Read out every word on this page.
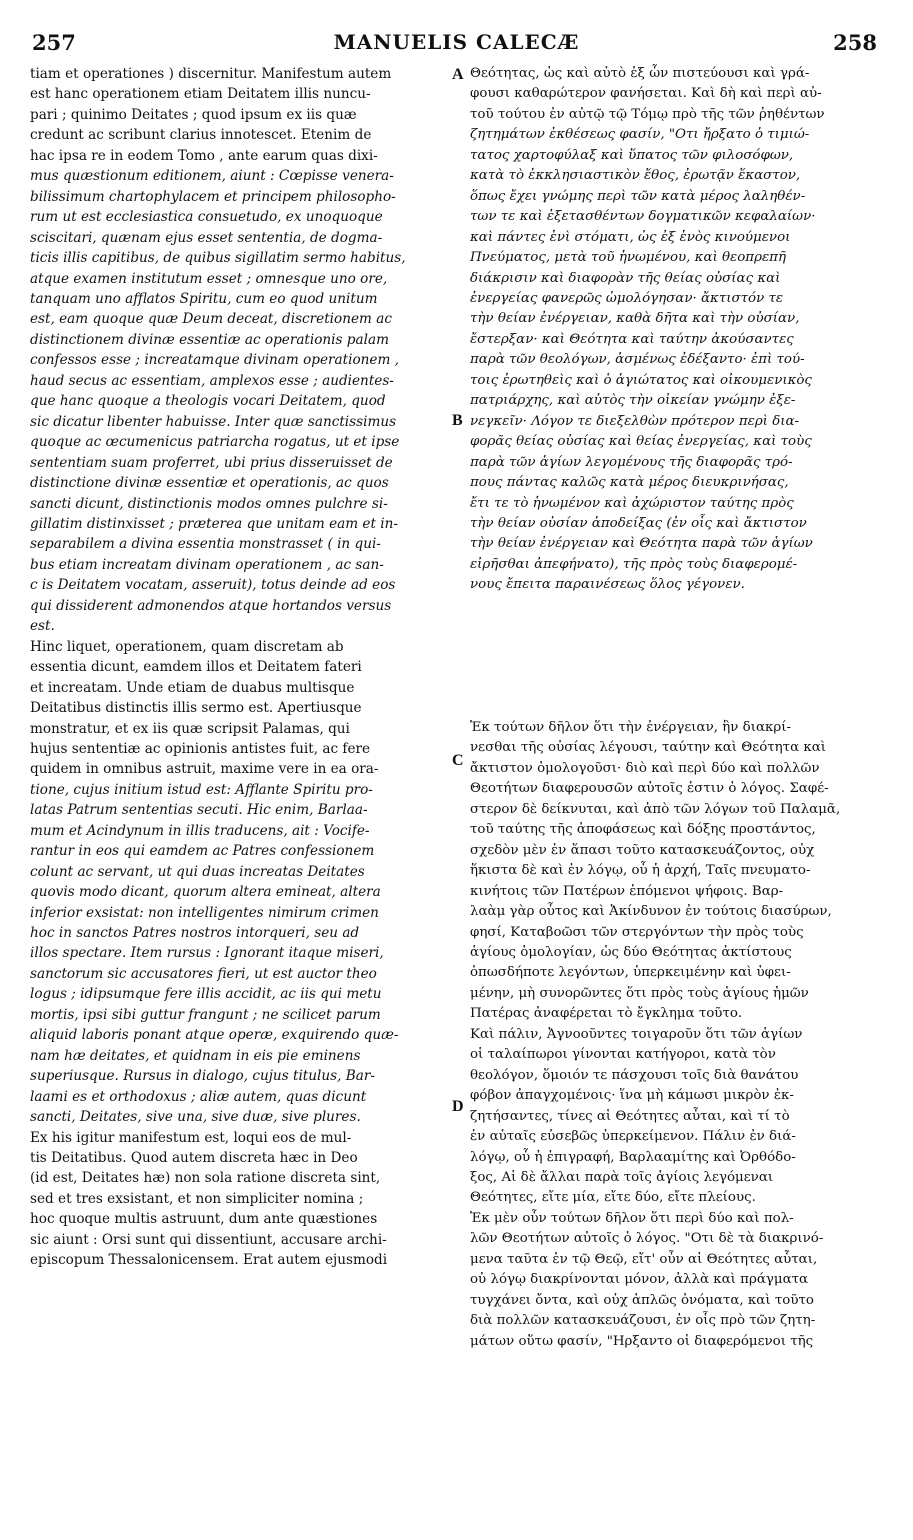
257	MANUELIS CALECÆ	258
A
B
C
D
tiam et operationes ) discernitur. Manifestum autem
est hanc operationem etiam Deitatem illis nuncu-
pari ; quinimo Deitates ; quod ipsum ex iis quæ
credunt ac scribunt clarius innotescet. Etenim de
hac ipsa re in eodem Tomo , ante earum quas dixi-
mus quæstionum editionem, aiunt : Cœpisse venera-
bilissimum chartophylacem et principem philosopho-
rum ut est ecclesiastica consuetudo, ex unoquoque
sciscitari, quænam ejus esset sententia, de dogma-
ticis illis capitibus, de quibus sigillatim sermo habitus,
atque examen institutum esset ; omnesque uno ore,
tanquam uno afflatos Spiritu, cum eo quod unitum
est, eam quoque quæ Deum deceat, discretionem ac
distinctionem divinæ essentiæ ac operationis palam
confessos esse ; increatamque divinam operationem ,
haud secus ac essentiam, amplexos esse ; audientes-
que hanc quoque a theologis vocari Deitatem, quod
sic dicatur libenter habuisse. Inter quæ sanctissimus
quoque ac œcumenicus patriarcha rogatus, ut et ipse
sententiam suam proferret, ubi prius disseruisset de
distinctione divinæ essentiæ et operationis, ac quos
sancti dicunt, distinctionis modos omnes pulchre si-
gillatim distinxisset ; præterea que unitam eam et in-
separabilem a divina essentia monstrasset ( in qui-
bus etiam increatam divinam operationem , ac san-
c is Deitatem vocatam, asseruit), totus deinde ad eos
qui dissiderent admonendos atque hortandos versus
est.
Hinc liquet, operationem, quam discretam ab
essentia dicunt, eamdem illos et Deitatem fateri
et increatam. Unde etiam de duabus multisque
Deitatibus distinctis illis sermo est. Apertiusque
monstratur, et ex iis quæ scripsit Palamas, qui
hujus sententiæ ac opinionis antistes fuit, ac fere
quidem in omnibus astruit, maxime vere in ea ora-
tione, cujus initium istud est: Afflante Spiritu pro-
latas Patrum sententias secuti. Hic enim, Barlaa-
mum et Acindynum in illis traducens, ait : Vocife-
rantur in eos qui eamdem ac Patres confessionem
colunt ac servant, ut qui duas increatas Deitates
quovis modo dicant, quorum altera emineat, altera
inferior exsistat: non intelligentes nimirum crimen
hoc in sanctos Patres nostros intorqueri, seu ad
illos spectare. Item rursus : Ignorant itaque miseri,
sanctorum sic accusatores fieri, ut est auctor theo
logus ; idipsumque fere illis accidit, ac iis qui metu
mortis, ipsi sibi guttur frangunt ; ne scilicet parum
aliquid laboris ponant atque operæ, exquirendo quæ-
nam hæ deitates, et quidnam in eis pie eminens
superiusque. Rursus in dialogo, cujus titulus, Bar-
laami es et orthodoxus ; aliæ autem, quas dicunt
sancti, Deitates, sive una, sive duæ, sive plures.
Ex his igitur manifestum est, loqui eos de mul-
tis Deitatibus. Quod autem discreta hæc in Deo
(id est, Deitates hæ) non sola ratione discreta sint,
sed et tres exsistant, et non simpliciter nomina ;
hoc quoque multis astruunt, dum ante quæstiones
sic aiunt : Orsi sunt qui dissentiunt, accusare archi-
episcopum Thessalonicensem. Erat autem ejusmodi
Θεότητας, ὡς καὶ αὐτὸ ἐξ ὧν πιστεύουσι καὶ γρά-
φουσι καθαρώτερον φανήσεται. Καὶ δὴ καὶ περὶ αὐ-
τοῦ τούτου ἐν αὐτῷ τῷ Τόμῳ πρὸ τῆς τῶν ῥηθέντων
ζητημάτων ἐκθέσεως φασίν, "Οτι ἤρξατο ὁ τιμιώ-
τατος χαρτοφύλαξ καὶ ὕπατος τῶν φιλοσόφων,
κατὰ τὸ ἐκκλησιαστικὸν ἔθος, ἐρωτᾷν ἕκαστον,
ὅπως ἔχει γνώμης περὶ τῶν κατὰ μέρος λαληθέν-
των τε καὶ ἐξετασθέντων δογματικῶν κεφαλαίων·
καὶ πάντες ἑνὶ στόματι, ὡς ἐξ ἑνὸς κινούμενοι
Πνεύματος, μετὰ τοῦ ἡνωμένου, καὶ θεοπρεπῆ
διάκρισιν καὶ διαφορὰν τῆς θείας οὐσίας καὶ
ἐνεργείας φανερῶς ὡμολόγησαν· ἄκτιστόν τε
τὴν θείαν ἐνέργειαν, καθὰ δῆτα καὶ τὴν οὐσίαν,
ἔστερξαν· καὶ Θεότητα καὶ ταύτην ἀκούσαντες
παρὰ τῶν θεολόγων, ἀσμένως ἐδέξαντο· ἐπὶ τού-
τοις ἐρωτηθεὶς καὶ ὁ ἁγιώτατος καὶ οἰκουμενικὸς
πατριάρχης, καὶ αὐτὸς τὴν οἰκείαν γνώμην ἐξε-
νεγκεῖν· Λόγον τε διεξελθὼν πρότερον περὶ δια-
φορᾶς θείας οὐσίας καὶ θείας ἐνεργείας, καὶ τοὺς
παρὰ τῶν ἁγίων λεγομένους τῆς διαφορᾶς τρό-
πους πάντας καλῶς κατὰ μέρος διευκρινήσας,
ἔτι τε τὸ ἡνωμένον καὶ ἀχώριστον ταύτης πρὸς
τὴν θείαν οὐσίαν ἀποδείξας (ἐν οἷς καὶ ἄκτιστον
τὴν θείαν ἐνέργειαν καὶ Θεότητα παρὰ τῶν ἁγίων
εἰρῆσθαι ἀπεφήνατο), τῆς πρὸς τοὺς διαφερομέ-
νους ἔπειτα παραινέσεως ὅλος γέγονεν.
Ἐκ τούτων δῆλον ὅτι τὴν ἐνέργειαν, ἣν διακρί-
νεσθαι τῆς οὐσίας λέγουσι, ταύτην καὶ Θεότητα καὶ
ἄκτιστον ὁμολογοῦσι· διὸ καὶ περὶ δύο καὶ πολλῶν
Θεοτήτων διαφερουσῶν αὐτοῖς ἐστιν ὁ λόγος. Σαφέ-
στερον δὲ δείκνυται, καὶ ἀπὸ τῶν λόγων τοῦ Παλαμᾶ,
τοῦ ταύτης τῆς ἀποφάσεως καὶ δόξης προστάντος,
σχεδὸν μὲν ἐν ἅπασι τοῦτο κατασκευάζοντος, οὐχ
ἥκιστα δὲ καὶ ἐν λόγῳ, οὗ ἡ ἀρχή, Ταῖς πνευματο-
κινήτοις τῶν Πατέρων ἑπόμενοι ψήφοις. Βαρ-
λαὰμ γὰρ οὗτος καὶ Ἀκίνδυνον ἐν τούτοις διασύρων,
φησί, Καταβοῶσι τῶν στεργόντων τὴν πρὸς τοὺς
ἁγίους ὁμολογίαν, ὡς δύο Θεότητας ἀκτίστους
ὁπωσδήποτε λεγόντων, ὑπερκειμένην καὶ ὑφει-
μένην, μὴ συνορῶντες ὅτι πρὸς τοὺς ἁγίους ἡμῶν
Πατέρας ἀναφέρεται τὸ ἔγκλημα τοῦτο.
Καὶ πάλιν, Ἀγνοοῦντες τοιγαροῦν ὅτι τῶν ἁγίων
οἱ ταλαίπωροι γίνονται κατήγοροι, κατὰ τὸν
θεολόγον, ὅμοιόν τε πάσχουσι τοῖς διὰ θανάτου
φόβον ἀπαγχομένοις· ἵνα μὴ κάμωσι μικρὸν ἐκ-
ζητήσαντες, τίνες αἱ Θεότητες αὗται, καὶ τί τὸ
ἐν αὐταῖς εὐσεβῶς ὑπερκείμενον. Πάλιν ἐν διά-
λόγῳ, οὗ ἡ ἐπιγραφή, Βαρλααμίτης καὶ Ὀρθόδο-
ξος, Αἱ δὲ ἄλλαι παρὰ τοῖς ἁγίοις λεγόμεναι
Θεότητες, εἴτε μία, εἴτε δύο, εἴτε πλείους.
Ἐκ μὲν οὖν τούτων δῆλον ὅτι περὶ δύο καὶ πολ-
λῶν Θεοτήτων αὐτοῖς ὁ λόγος. "Οτι δὲ τὰ διακρινό-
μενα ταῦτα ἐν τῷ Θεῷ, εἴτ' οὖν αἱ Θεότητες αὗται,
οὐ λόγῳ διακρίνονται μόνον, ἀλλὰ καὶ πράγματα
τυγχάνει ὄντα, καὶ οὐχ ἁπλῶς ὀνόματα, καὶ τοῦτο
διὰ πολλῶν κατασκευάζουσι, ἐν οἷς πρὸ τῶν ζητη-
μάτων οὕτω φασίν, "Ηρξαντο οἱ διαφερόμενοι τῆς
